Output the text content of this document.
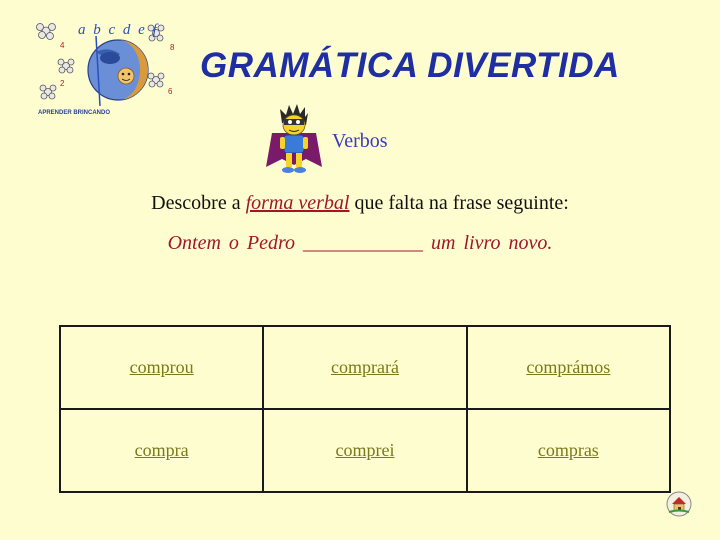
a b c d e f
4	8
2
6
APRENDER BRINCANDO
GRAMÁTICA DIVERTIDA
Verbos
Descobre a forma verbal que falta na frase seguinte:
Ontem o Pedro ____________ um livro novo.
comprou	comprará	comprámos
compra	comprei	compras
